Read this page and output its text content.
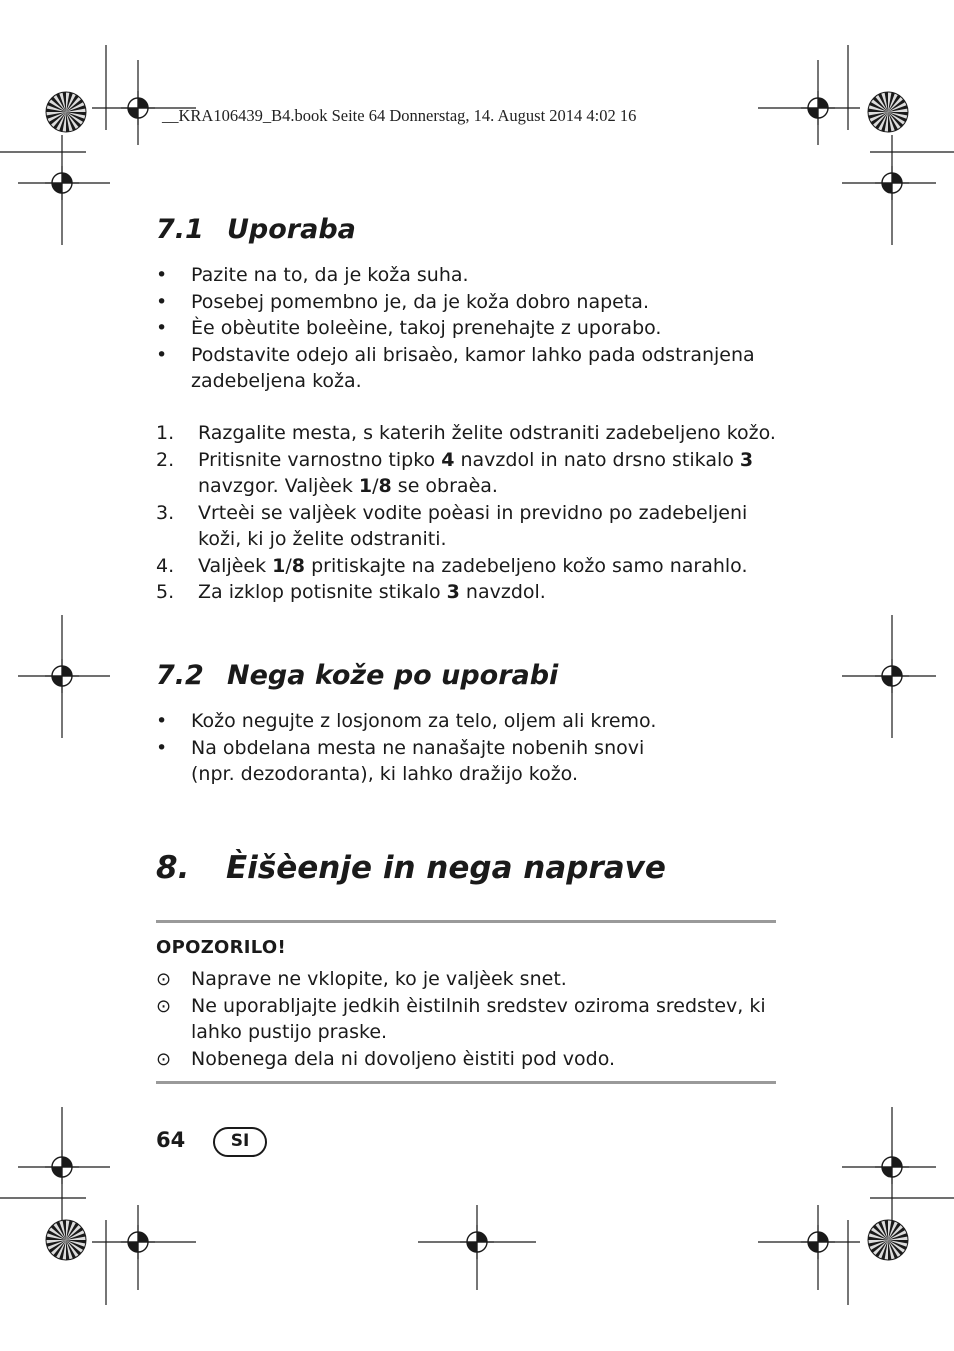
__KRA106439_B4.book Seite 64 Donnerstag, 14. August 2014 4:02 16
7.1 Uporaba
• Pazite na to, da je koža suha.
• Posebej pomembno je, da je koža dobro napeta.
• Èe obèutite boleèine, takoj prenehajte z uporabo.
• Podstavite odejo ali brisaèo, kamor lahko pada odstranjena zadebeljena koža.
1. Razgalite mesta, s katerih želite odstraniti zadebeljeno kožo.
2. Pritisnite varnostno tipko 4 navzdol in nato drsno stikalo 3 navzgor. Valjèek 1/8 se obraèa.
3. Vrteèi se valjèek vodite poèasi in previdno po zadebeljeni koži, ki jo želite odstraniti.
4. Valjèek 1/8 pritiskajte na zadebeljeno kožo samo narahlo.
5. Za izklop potisnite stikalo 3 navzdol.
7.2 Nega kože po uporabi
• Kožo negujte z losjonom za telo, oljem ali kremo.
• Na obdelana mesta ne nanašajte nobenih snovi (npr. dezodoranta), ki lahko dražijo kožo.
8. Èišèenje in nega naprave
OPOZORILO!
⊙ Naprave ne vklopite, ko je valjèek snet.
⊙ Ne uporabljajte jedkih èistilnih sredstev oziroma sredstev, ki lahko pustijo praske.
⊙ Nobenega dela ni dovoljeno èistiti pod vodo.
64	SI
